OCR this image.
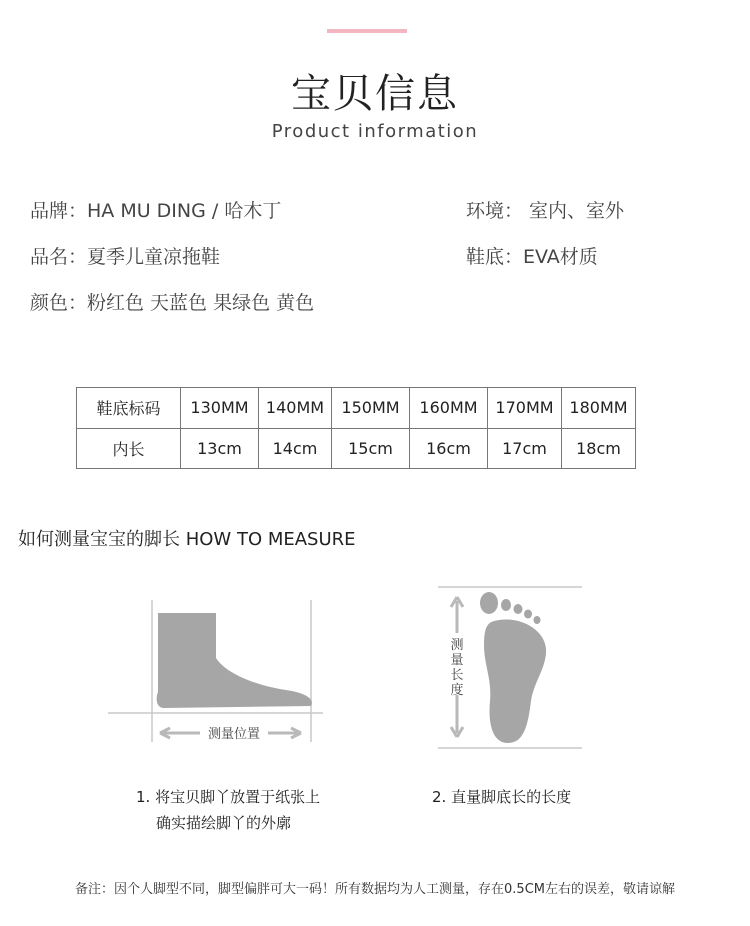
宝贝信息
Product information
品牌：HA MU DING / 哈木丁	环境： 室内、室外
品名：夏季儿童凉拖鞋	鞋底：EVA材质
颜色：粉红色 天蓝色 果绿色 黄色
鞋底标码	130MM	140MM	150MM	160MM	170MM	180MM
内长	13cm	14cm	15cm	16cm	17cm	18cm
如何测量宝宝的脚长 HOW TO MEASURE
测量位置
测
量
长
度
1. 将宝贝脚丫放置于纸张上
确实描绘脚丫的外廓
2. 直量脚底长的长度
备注：因个人脚型不同，脚型偏胖可大一码！所有数据均为人工测量，存在0.5CM左右的误差，敬请谅解
